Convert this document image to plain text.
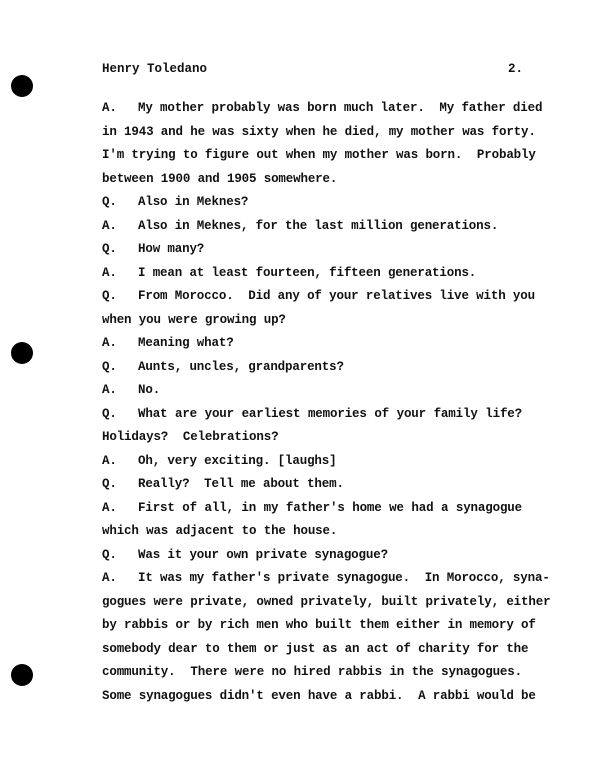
Henry Toledano	2.
A. My mother probably was born much later.  My father died
in 1943 and he was sixty when he died, my mother was forty.
I'm trying to figure out when my mother was born.  Probably
between 1900 and 1905 somewhere.
Q. Also in Meknes?
A. Also in Meknes, for the last million generations.
Q. How many?
A. I mean at least fourteen, fifteen generations.
Q. From Morocco.  Did any of your relatives live with you
when you were growing up?
A. Meaning what?
Q. Aunts, uncles, grandparents?
A. No.
Q. What are your earliest memories of your family life?
Holidays?  Celebrations?
A. Oh, very exciting. [laughs]
Q. Really?  Tell me about them.
A. First of all, in my father's home we had a synagogue
which was adjacent to the house.
Q. Was it your own private synagogue?
A. It was my father's private synagogue.  In Morocco, syna-
gogues were private, owned privately, built privately, either
by rabbis or by rich men who built them either in memory of
somebody dear to them or just as an act of charity for the
community.  There were no hired rabbis in the synagogues.
Some synagogues didn't even have a rabbi.  A rabbi would be
